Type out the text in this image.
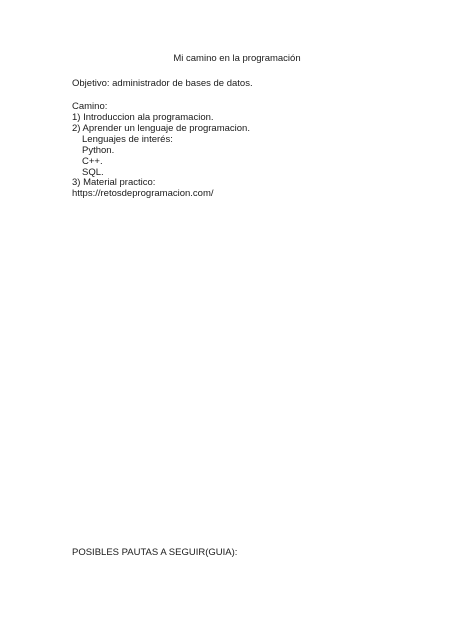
Mi camino en la programación
Objetivo: administrador de bases de datos.
Camino:
1) Introduccion ala programacion.
2) Aprender un lenguaje de programacion.
Lenguajes de interés:
Python.
C++.
SQL.
3) Material practico:
https://retosdeprogramacion.com/
POSIBLES PAUTAS A SEGUIR(GUIA):
